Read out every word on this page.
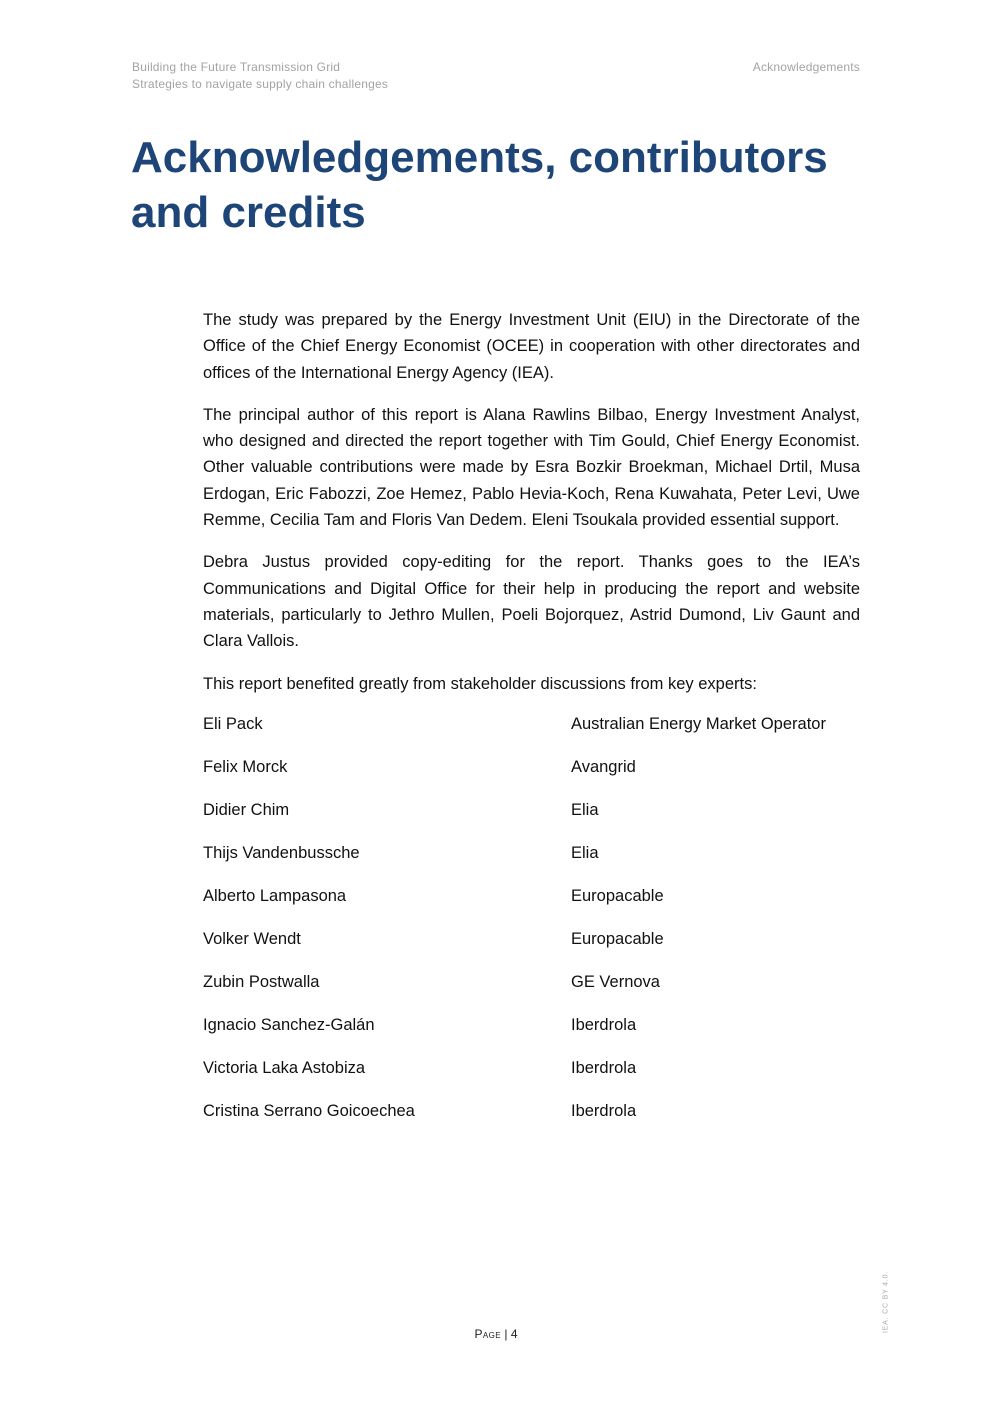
Building the Future Transmission Grid
Strategies to navigate supply chain challenges
Acknowledgements
Acknowledgements, contributors and credits

The study was prepared by the Energy Investment Unit (EIU) in the Directorate of the Office of the Chief Energy Economist (OCEE) in cooperation with other directorates and offices of the International Energy Agency (IEA).

The principal author of this report is Alana Rawlins Bilbao, Energy Investment Analyst, who designed and directed the report together with Tim Gould, Chief Energy Economist. Other valuable contributions were made by Esra Bozkir Broekman, Michael Drtil, Musa Erdogan, Eric Fabozzi, Zoe Hemez, Pablo Hevia-Koch, Rena Kuwahata, Peter Levi, Uwe Remme, Cecilia Tam and Floris Van Dedem. Eleni Tsoukala provided essential support.

Debra Justus provided copy-editing for the report. Thanks goes to the IEA’s Communications and Digital Office for their help in producing the report and website materials, particularly to Jethro Mullen, Poeli Bojorquez, Astrid Dumond, Liv Gaunt and Clara Vallois.

This report benefited greatly from stakeholder discussions from key experts:

Eli Pack	Australian Energy Market Operator
Felix Morck	Avangrid
Didier Chim	Elia
Thijs Vandenbussche	Elia
Alberto Lampasona	Europacable
Volker Wendt	Europacable
Zubin Postwalla	GE Vernova
Ignacio Sanchez-Galán	Iberdrola
Victoria Laka Astobiza	Iberdrola
Cristina Serrano Goicoechea	Iberdrola
Page | 4
IEA. CC BY 4.0.
